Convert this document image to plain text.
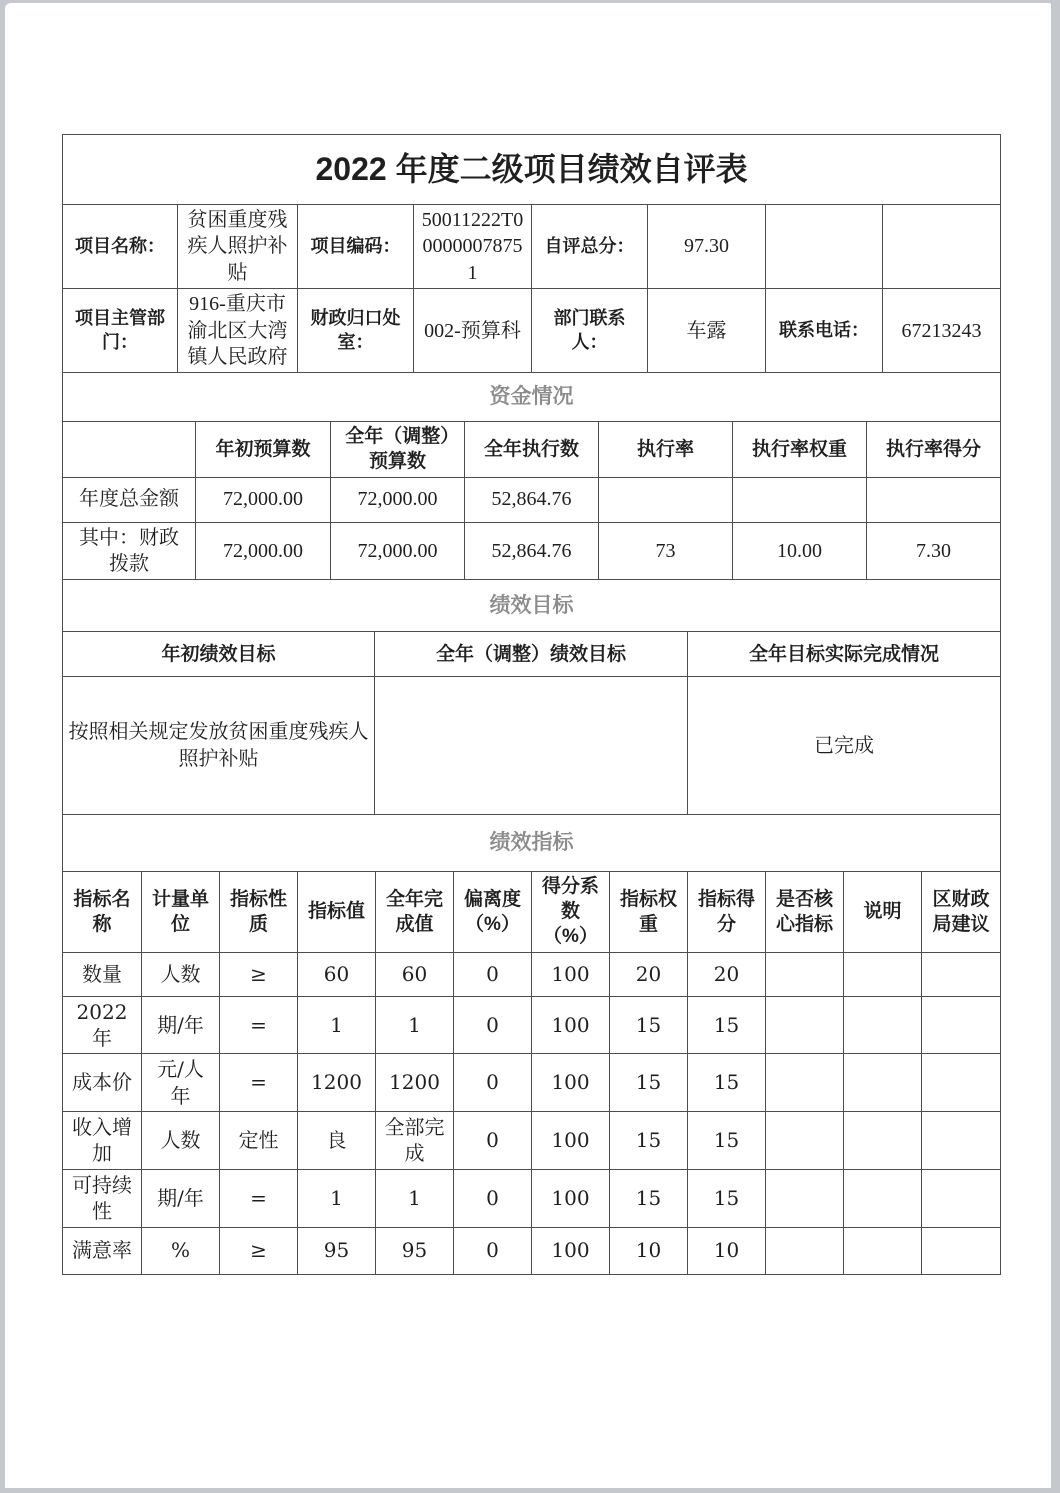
2022 年度二级项目绩效自评表							
项目名称：	贫困重度残疾人照护补贴	项目编码：	50011222T000000078751	自评总分：	97.30		
项目主管部门：	916-重庆市渝北区大湾镇人民政府	财政归口处室：	002-预算科	部门联系人：	车露	联系电话：	67213243
资金情况						
	年初预算数	全年（调整）预算数	全年执行数	执行率	执行率权重	执行率得分
年度总金额	72,000.00	72,000.00	52,864.76			
其中：财政拨款	72,000.00	72,000.00	52,864.76	73	10.00	7.30
绩效目标		
年初绩效目标	全年（调整）绩效目标	全年目标实际完成情况
按照相关规定发放贫困重度残疾人照护补贴		已完成
绩效指标											
指标名称	计量单位	指标性质	指标值	全年完成值	偏离度（%）	得分系数（%）	指标权重	指标得分	是否核心指标	说明	区财政局建议
数量	人数	≥	60	60	0	100	20	20			
2022年	期/年	=	1	1	0	100	15	15			
成本价	元/人年	=	1200	1200	0	100	15	15			
收入增加	人数	定性	良	全部完成	0	100	15	15			
可持续性	期/年	=	1	1	0	100	15	15			
满意率	%	≥	95	95	0	100	10	10			
